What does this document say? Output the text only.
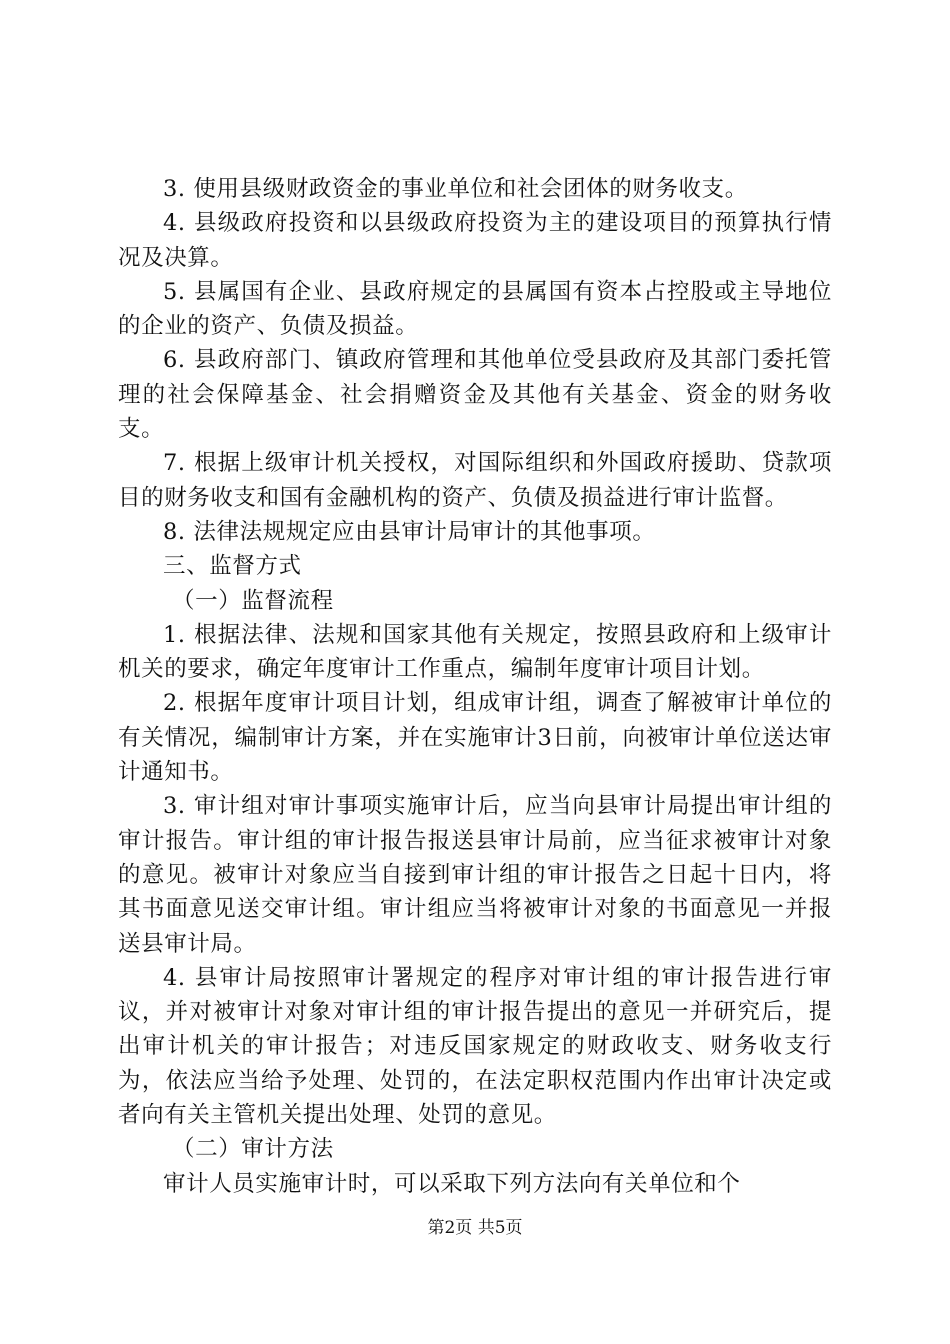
3. 使用县级财政资金的事业单位和社会团体的财务收支。

4. 县级政府投资和以县级政府投资为主的建设项目的预算执行情况及决算。

5. 县属国有企业、县政府规定的县属国有资本占控股或主导地位的企业的资产、负债及损益。

6. 县政府部门、镇政府管理和其他单位受县政府及其部门委托管理的社会保障基金、社会捐赠资金及其他有关基金、资金的财务收支。

7. 根据上级审计机关授权，对国际组织和外国政府援助、贷款项目的财务收支和国有金融机构的资产、负债及损益进行审计监督。

8. 法律法规规定应由县审计局审计的其他事项。

三、监督方式

（一）监督流程

1. 根据法律、法规和国家其他有关规定，按照县政府和上级审计机关的要求，确定年度审计工作重点，编制年度审计项目计划。

2. 根据年度审计项目计划，组成审计组，调查了解被审计单位的有关情况，编制审计方案，并在实施审计3日前，向被审计单位送达审计通知书。

3. 审计组对审计事项实施审计后，应当向县审计局提出审计组的审计报告。审计组的审计报告报送县审计局前，应当征求被审计对象的意见。被审计对象应当自接到审计组的审计报告之日起十日内，将其书面意见送交审计组。审计组应当将被审计对象的书面意见一并报送县审计局。

4. 县审计局按照审计署规定的程序对审计组的审计报告进行审议，并对被审计对象对审计组的审计报告提出的意见一并研究后，提出审计机关的审计报告；对违反国家规定的财政收支、财务收支行为，依法应当给予处理、处罚的，在法定职权范围内作出审计决定或者向有关主管机关提出处理、处罚的意见。

（二）审计方法

审计人员实施审计时，可以采取下列方法向有关单位和个

第2页 共5页
